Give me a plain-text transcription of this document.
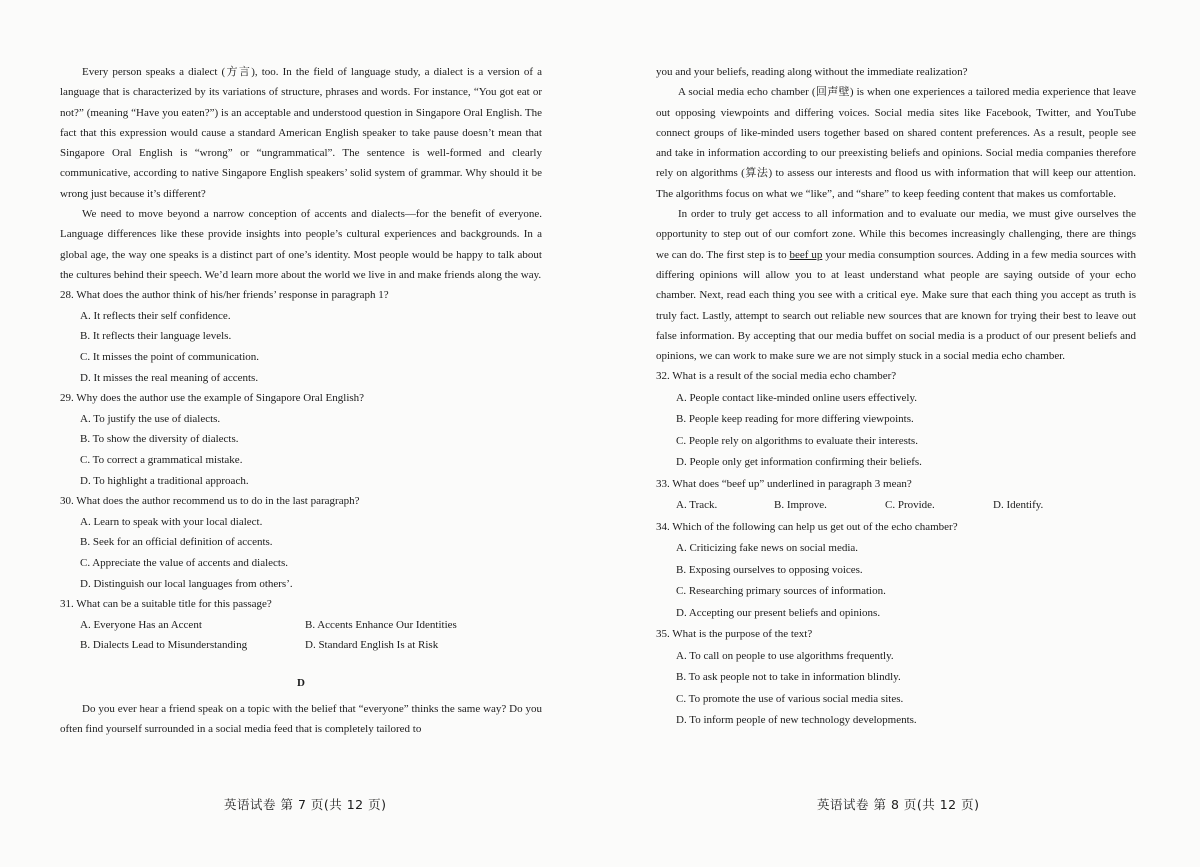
Every person speaks a dialect (方言), too. In the field of language study, a dialect is a version of a language that is characterized by its variations of structure, phrases and words. For instance, “You got eat or not?” (meaning “Have you eaten?”) is an acceptable and understood question in Singapore Oral English. The fact that this expression would cause a standard American English speaker to take pause doesn’t mean that Singapore Oral English is “wrong” or “ungrammatical”. The sentence is well-formed and clearly communicative, according to native Singapore English speakers’ solid system of grammar. Why should it be wrong just because it’s different?

We need to move beyond a narrow conception of accents and dialects—for the benefit of everyone. Language differences like these provide insights into people’s cultural experiences and backgrounds. In a global age, the way one speaks is a distinct part of one’s identity. Most people would be happy to talk about the cultures behind their speech. We’d learn more about the world we live in and make friends along the way.

28. What does the author think of his/her friends’ response in paragraph 1?
A. It reflects their self confidence.
B. It reflects their language levels.
C. It misses the point of communication.
D. It misses the real meaning of accents.
29. Why does the author use the example of Singapore Oral English?
A. To justify the use of dialects.
B. To show the diversity of dialects.
C. To correct a grammatical mistake.
D. To highlight a traditional approach.
30. What does the author recommend us to do in the last paragraph?
A. Learn to speak with your local dialect.
B. Seek for an official definition of accents.
C. Appreciate the value of accents and dialects.
D. Distinguish our local languages from others’.
31. What can be a suitable title for this passage?
A. Everyone Has an Accent	B. Accents Enhance Our Identities
B. Dialects Lead to Misunderstanding	D. Standard English Is at Risk
D

Do you ever hear a friend speak on a topic with the belief that “everyone” thinks the same way? Do you often find yourself surrounded in a social media feed that is completely tailored to

英语试卷 第 7 页(共 12 页)

you and your beliefs, reading along without the immediate realization?

A social media echo chamber (回声壁) is when one experiences a tailored media experience that leave out opposing viewpoints and differing voices. Social media sites like Facebook, Twitter, and YouTube connect groups of like-minded users together based on shared content preferences. As a result, people see and take in information according to our preexisting beliefs and opinions. Social media companies therefore rely on algorithms (算法) to assess our interests and flood us with information that will keep our attention. The algorithms focus on what we “like”, and “share” to keep feeding content that makes us comfortable.

In order to truly get access to all information and to evaluate our media, we must give ourselves the opportunity to step out of our comfort zone. While this becomes increasingly challenging, there are things we can do. The first step is to beef up your media consumption sources. Adding in a few media sources with differing opinions will allow you to at least understand what people are saying outside of your echo chamber. Next, read each thing you see with a critical eye. Make sure that each thing you accept as truth is truly fact. Lastly, attempt to search out reliable new sources that are known for trying their best to leave out false information. By accepting that our media buffet on social media is a product of our present beliefs and opinions, we can work to make sure we are not simply stuck in a social media echo chamber.

32. What is a result of the social media echo chamber?
A. People contact like-minded online users effectively.
B. People keep reading for more differing viewpoints.
C. People rely on algorithms to evaluate their interests.
D. People only get information confirming their beliefs.
33. What does “beef up” underlined in paragraph 3 mean?
A. Track.	B. Improve.	C. Provide.	D. Identify.
34. Which of the following can help us get out of the echo chamber?
A. Criticizing fake news on social media.
B. Exposing ourselves to opposing voices.
C. Researching primary sources of information.
D. Accepting our present beliefs and opinions.
35. What is the purpose of the text?
A. To call on people to use algorithms frequently.
B. To ask people not to take in information blindly.
C. To promote the use of various social media sites.
D. To inform people of new technology developments.
英语试卷 第 8 页(共 12 页)
